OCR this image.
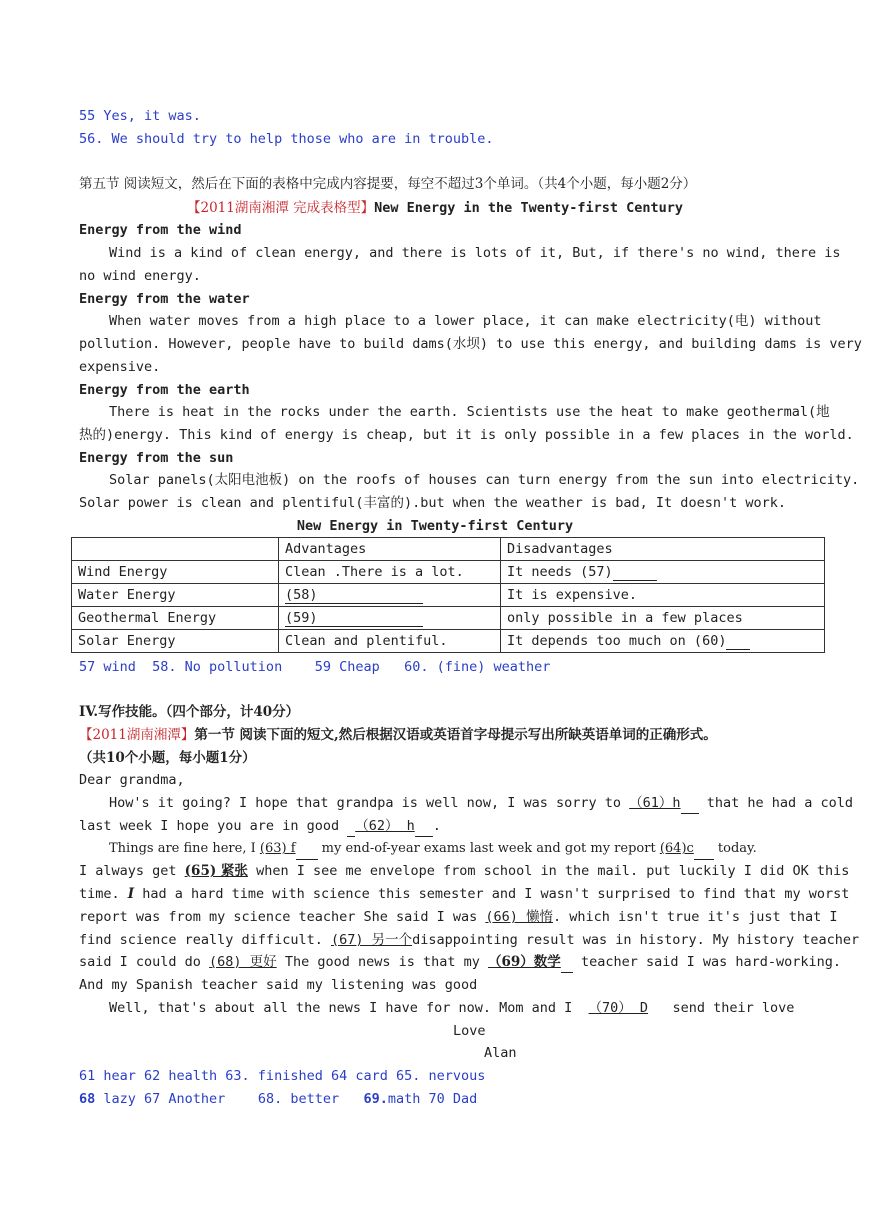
55 Yes, it was.
56. We should try to help those who are in trouble.
第五节 阅读短文，然后在下面的表格中完成内容提要，每空不超过3个单词。（共4个小题，每小题2分）
【2011湖南湘潭 完成表格型】New Energy in the Twenty-first Century
Energy from the wind
Wind is a kind of clean energy, and there is lots of it, But, if there's no wind, there is
no wind energy.
Energy from the water
When water moves from a high place to a lower place, it can make electricity(电) without
pollution. However, people have to build dams(水坝) to use this energy, and building dams is very
expensive.
Energy from the earth
There is heat in the rocks under the earth. Scientists use the heat to make geothermal(地
热的)energy. This kind of energy is cheap, but it is only possible in a few places in the world.
Energy from the sun
Solar panels(太阳电池板) on the roofs of houses can turn energy from the sun into electricity.
Solar power is clean and plentiful(丰富的).but when the weather is bad, It doesn't work.
New Energy in Twenty-first Century
	Advantages	Disadvantages
Wind Energy	Clean .There is a lot.	It needs (57)
Water Energy	(58)	It is expensive.
Geothermal Energy	(59)	only possible in a few places
Solar Energy	Clean and plentiful.	It depends too much on (60)
57 wind  58. No pollution    59 Cheap   60. (fine) weather
IV.写作技能。（四个部分，计40分）
【2011湖南湘潭】第一节 阅读下面的短文,然后根据汉语或英语首字母提示写出所缺英语单词的正确形式。
（共10个小题，每小题1分）
Dear grandma,
How's it going? I hope that grandpa is well now, I was sorry to （61）h  that he had a cold
last week I hope you are in good  （62） h .
Things are fine here, I (63) f  my end-of-year exams last week and got my report (64)c  today.
I always get (65) 紧张 when I see me envelope from school in the mail. put luckily I did OK this
time. I had a hard time with science this semester and I wasn't surprised to find that my worst
report was from my science teacher She said I was (66) 懒惰. which isn't true it's just that I
find science really difficult. (67) 另一个disappointing result was in history. My history teacher
said I could do (68) 更好 The good news is that my （69）数学  teacher said I was hard-working.
And my Spanish teacher said my listening was good
Well, that's about all the news I have for now. Mom and I  （70） D   send their love
Love
Alan
61 hear 62 health 63. finished 64 card 65. nervous
68 lazy 67 Another    68. better   69.math 70 Dad
